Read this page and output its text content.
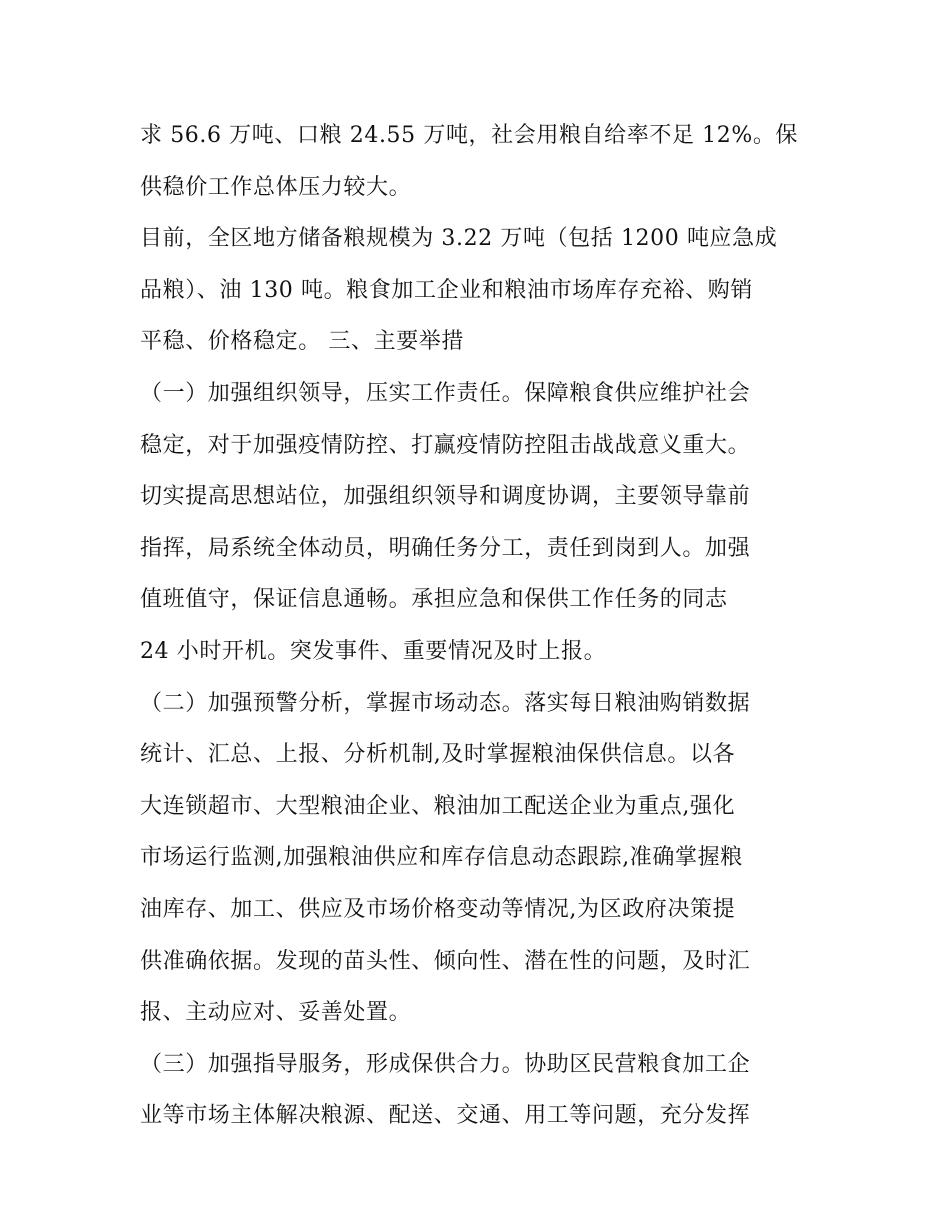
求 56.6 万吨、口粮 24.55 万吨，社会用粮自给率不足 12%。保
供稳价工作总体压力较大。
目前，全区地方储备粮规模为 3.22 万吨（包括 1200 吨应急成
品粮）、油 130 吨。粮食加工企业和粮油市场库存充裕、购销
平稳、价格稳定。 三、主要举措
（一）加强组织领导，压实工作责任。保障粮食供应维护社会
稳定，对于加强疫情防控、打赢疫情防控阻击战战意义重大。
切实提高思想站位，加强组织领导和调度协调，主要领导靠前
指挥，局系统全体动员，明确任务分工，责任到岗到人。加强
值班值守，保证信息通畅。承担应急和保供工作任务的同志
24 小时开机。突发事件、重要情况及时上报。
（二）加强预警分析，掌握市场动态。落实每日粮油购销数据
统计、汇总、上报、分析机制,及时掌握粮油保供信息。以各
大连锁超市、大型粮油企业、粮油加工配送企业为重点,强化
市场运行监测,加强粮油供应和库存信息动态跟踪,准确掌握粮
油库存、加工、供应及市场价格变动等情况,为区政府决策提
供准确依据。发现的苗头性、倾向性、潜在性的问题，及时汇
报、主动应对、妥善处置。
（三）加强指导服务，形成保供合力。协助区民营粮食加工企
业等市场主体解决粮源、配送、交通、用工等问题，充分发挥
